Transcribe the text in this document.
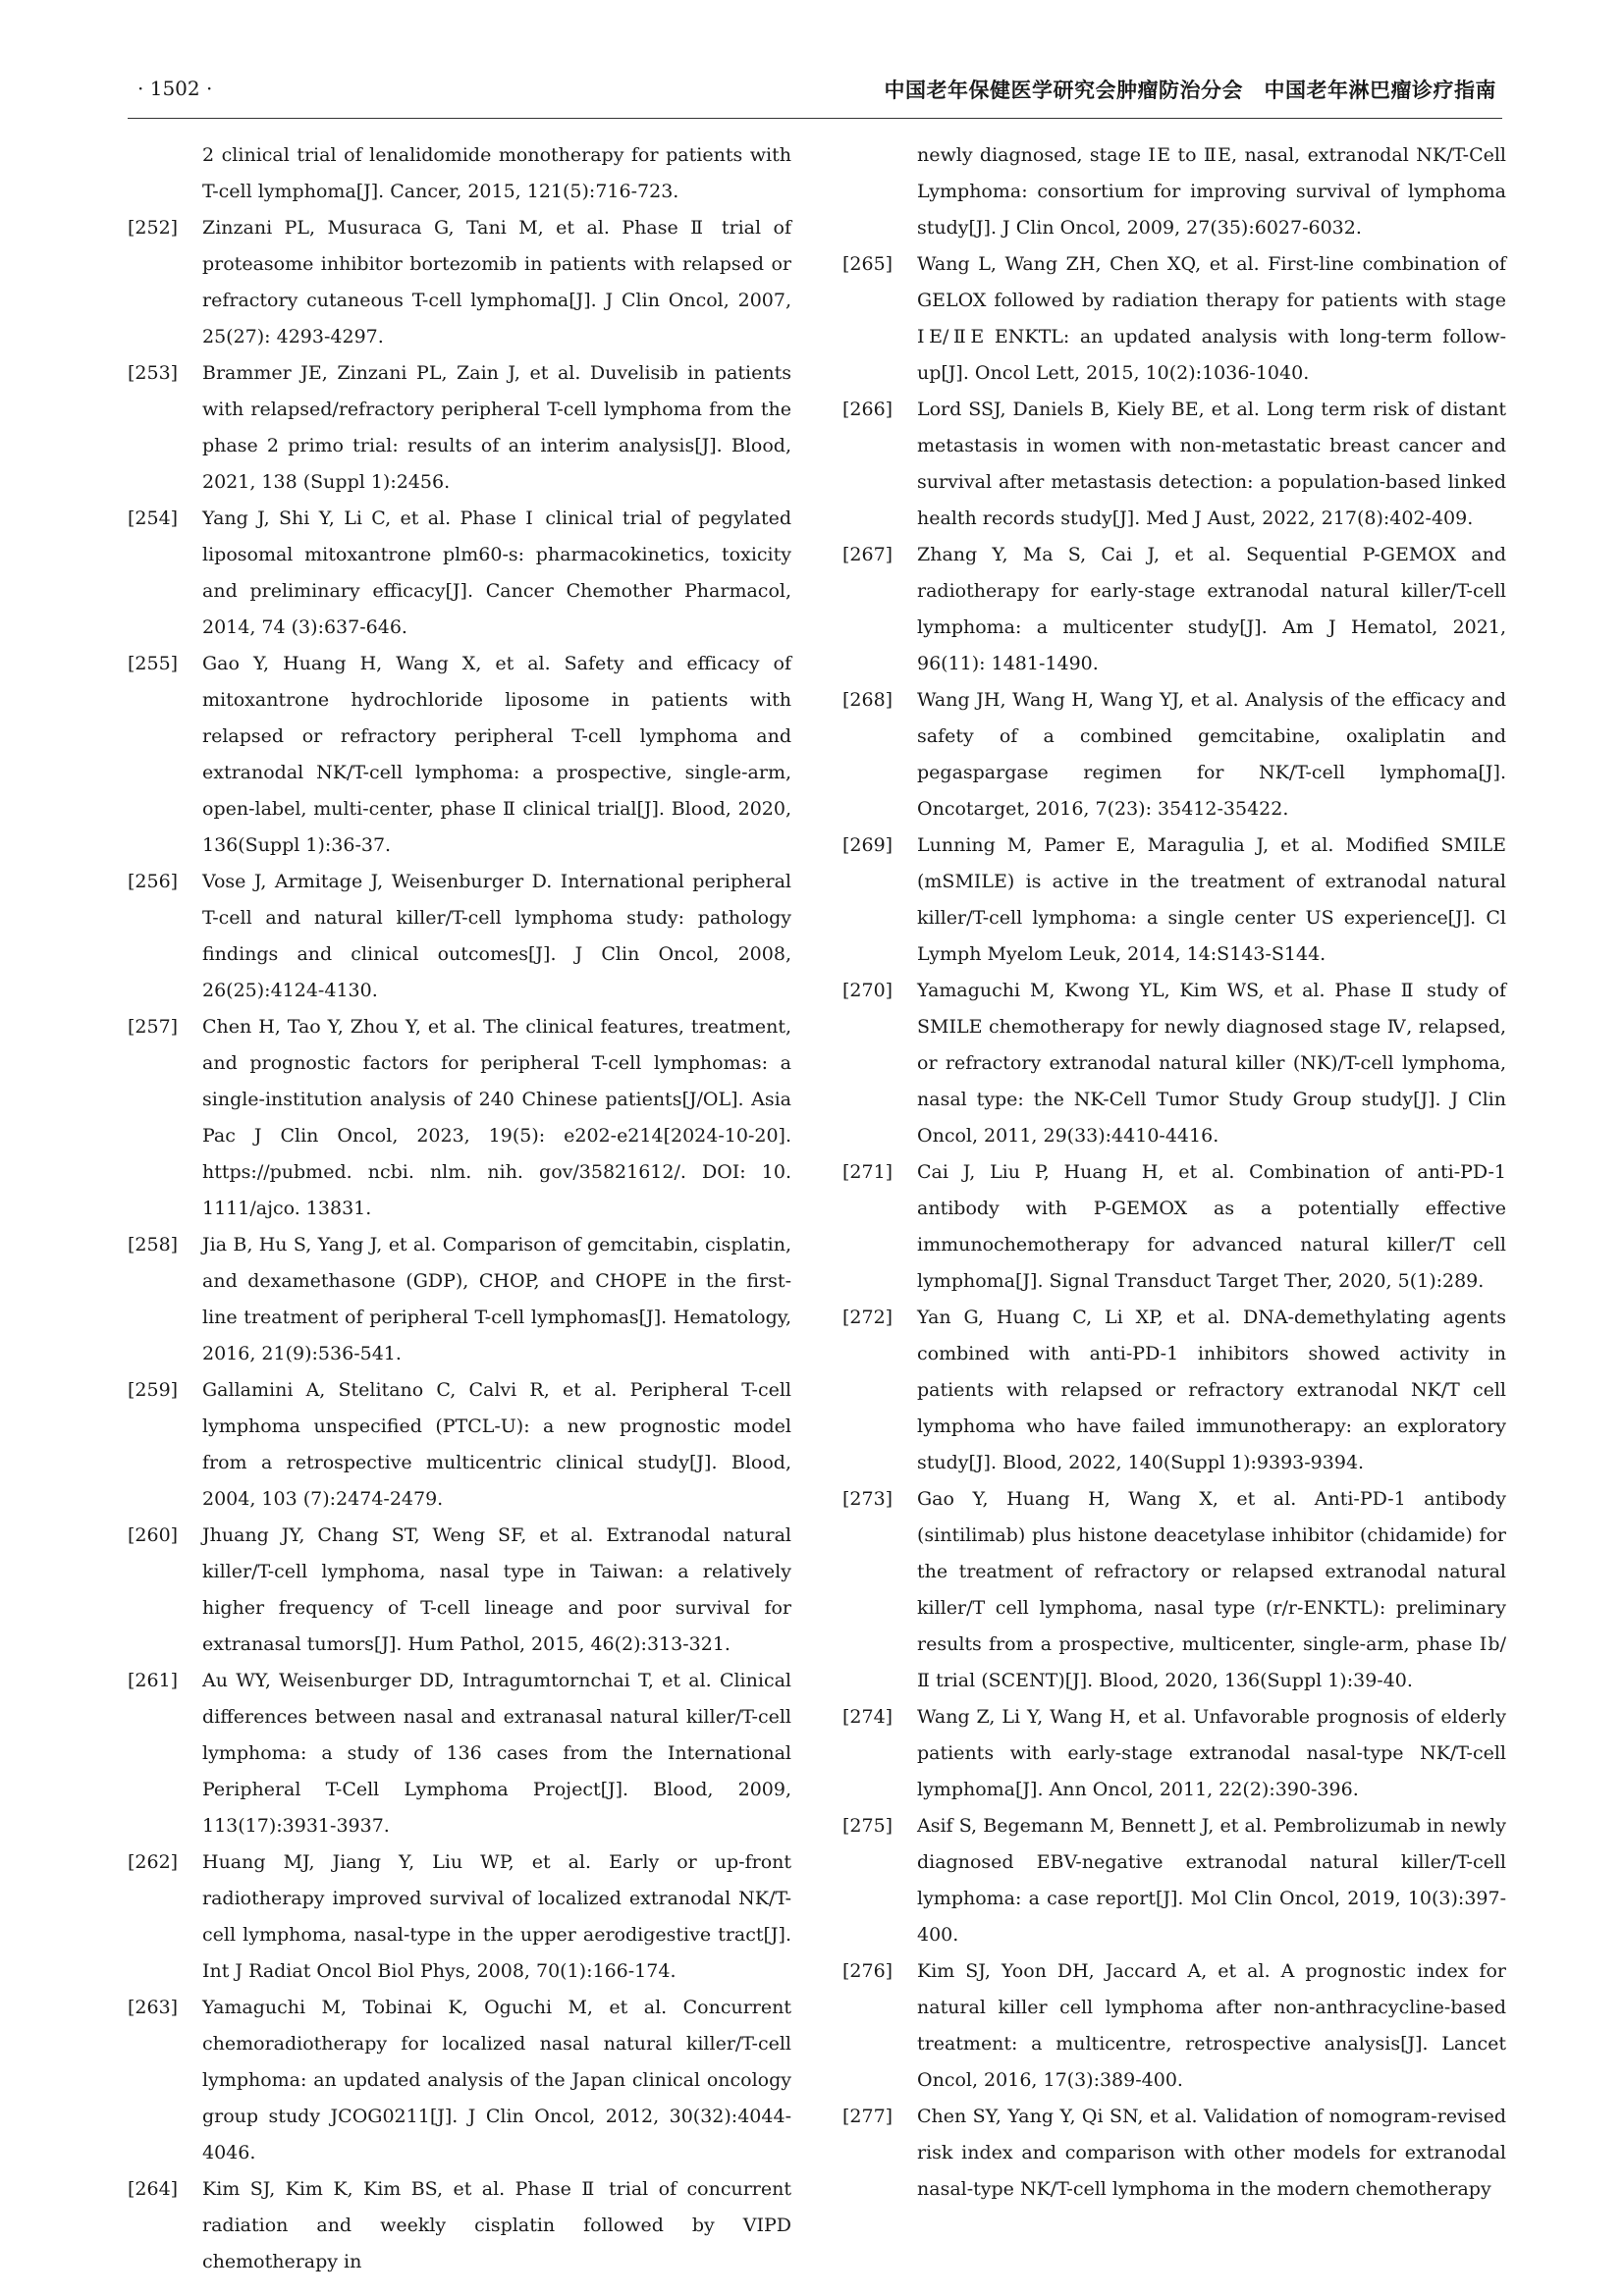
· 1502 ·	中国老年保健医学研究会肿瘤防治分会　中国老年淋巴瘤诊疗指南
2 clinical trial of lenalidomide monotherapy for patients with T-cell lymphoma[J]. Cancer, 2015, 121(5):716-723.
[252]	Zinzani PL, Musuraca G, Tani M, et al. Phase Ⅱ trial of proteasome inhibitor bortezomib in patients with relapsed or refractory cutaneous T-cell lymphoma[J]. J Clin Oncol, 2007, 25(27): 4293-4297.
[253]	Brammer JE, Zinzani PL, Zain J, et al. Duvelisib in patients with relapsed/refractory peripheral T-cell lymphoma from the phase 2 primo trial: results of an interim analysis[J]. Blood, 2021, 138 (Suppl 1):2456.
[254]	Yang J, Shi Y, Li C, et al. Phase Ⅰ clinical trial of pegylated liposomal mitoxantrone plm60-s: pharmacokinetics, toxicity and preliminary efficacy[J]. Cancer Chemother Pharmacol, 2014, 74 (3):637-646.
[255]	Gao Y, Huang H, Wang X, et al. Safety and efficacy of mitoxantrone hydrochloride liposome in patients with relapsed or refractory peripheral T-cell lymphoma and extranodal NK/T-cell lymphoma: a prospective, single-arm, open-label, multi-center, phase Ⅱ clinical trial[J]. Blood, 2020, 136(Suppl 1):36-37.
[256]	Vose J, Armitage J, Weisenburger D. International peripheral T-cell and natural killer/T-cell lymphoma study: pathology findings and clinical outcomes[J]. J Clin Oncol, 2008, 26(25):4124-4130.
[257]	Chen H, Tao Y, Zhou Y, et al. The clinical features, treatment, and prognostic factors for peripheral T-cell lymphomas: a single-institution analysis of 240 Chinese patients[J/OL]. Asia Pac J Clin Oncol, 2023, 19(5): e202-e214[2024-10-20]. https://pubmed. ncbi. nlm. nih. gov/35821612/. DOI: 10. 1111/ajco. 13831.
[258]	Jia B, Hu S, Yang J, et al. Comparison of gemcitabin, cisplatin, and dexamethasone (GDP), CHOP, and CHOPE in the first-line treatment of peripheral T-cell lymphomas[J]. Hematology, 2016, 21(9):536-541.
[259]	Gallamini A, Stelitano C, Calvi R, et al. Peripheral T-cell lymphoma unspecified (PTCL-U): a new prognostic model from a retrospective multicentric clinical study[J]. Blood, 2004, 103 (7):2474-2479.
[260]	Jhuang JY, Chang ST, Weng SF, et al. Extranodal natural killer/T-cell lymphoma, nasal type in Taiwan: a relatively higher frequency of T-cell lineage and poor survival for extranasal tumors[J]. Hum Pathol, 2015, 46(2):313-321.
[261]	Au WY, Weisenburger DD, Intragumtornchai T, et al. Clinical differences between nasal and extranasal natural killer/T-cell lymphoma: a study of 136 cases from the International Peripheral T-Cell Lymphoma Project[J]. Blood, 2009, 113(17):3931-3937.
[262]	Huang MJ, Jiang Y, Liu WP, et al. Early or up-front radiotherapy improved survival of localized extranodal NK/T-cell lymphoma, nasal-type in the upper aerodigestive tract[J]. Int J Radiat Oncol Biol Phys, 2008, 70(1):166-174.
[263]	Yamaguchi M, Tobinai K, Oguchi M, et al. Concurrent chemoradiotherapy for localized nasal natural killer/T-cell lymphoma: an updated analysis of the Japan clinical oncology group study JCOG0211[J]. J Clin Oncol, 2012, 30(32):4044-4046.
[264]	Kim SJ, Kim K, Kim BS, et al. Phase Ⅱ trial of concurrent radiation and weekly cisplatin followed by VIPD chemotherapy in
newly diagnosed, stage ⅠE to ⅡE, nasal, extranodal NK/T-Cell Lymphoma: consortium for improving survival of lymphoma study[J]. J Clin Oncol, 2009, 27(35):6027-6032.
[265]	Wang L, Wang ZH, Chen XQ, et al. First-line combination of GELOX followed by radiation therapy for patients with stage ⅠE/ⅡE ENKTL: an updated analysis with long-term follow-up[J]. Oncol Lett, 2015, 10(2):1036-1040.
[266]	Lord SSJ, Daniels B, Kiely BE, et al. Long term risk of distant metastasis in women with non-metastatic breast cancer and survival after metastasis detection: a population-based linked health records study[J]. Med J Aust, 2022, 217(8):402-409.
[267]	Zhang Y, Ma S, Cai J, et al. Sequential P-GEMOX and radiotherapy for early-stage extranodal natural killer/T-cell lymphoma: a multicenter study[J]. Am J Hematol, 2021, 96(11): 1481-1490.
[268]	Wang JH, Wang H, Wang YJ, et al. Analysis of the efficacy and safety of a combined gemcitabine, oxaliplatin and pegaspargase regimen for NK/T-cell lymphoma[J]. Oncotarget, 2016, 7(23): 35412-35422.
[269]	Lunning M, Pamer E, Maragulia J, et al. Modified SMILE (mSMILE) is active in the treatment of extranodal natural killer/T-cell lymphoma: a single center US experience[J]. Cl Lymph Myelom Leuk, 2014, 14:S143-S144.
[270]	Yamaguchi M, Kwong YL, Kim WS, et al. Phase Ⅱ study of SMILE chemotherapy for newly diagnosed stage Ⅳ, relapsed, or refractory extranodal natural killer (NK)/T-cell lymphoma, nasal type: the NK-Cell Tumor Study Group study[J]. J Clin Oncol, 2011, 29(33):4410-4416.
[271]	Cai J, Liu P, Huang H, et al. Combination of anti-PD-1 antibody with P-GEMOX as a potentially effective immunochemotherapy for advanced natural killer/T cell lymphoma[J]. Signal Transduct Target Ther, 2020, 5(1):289.
[272]	Yan G, Huang C, Li XP, et al. DNA-demethylating agents combined with anti-PD-1 inhibitors showed activity in patients with relapsed or refractory extranodal NK/T cell lymphoma who have failed immunotherapy: an exploratory study[J]. Blood, 2022, 140(Suppl 1):9393-9394.
[273]	Gao Y, Huang H, Wang X, et al. Anti-PD-1 antibody (sintilimab) plus histone deacetylase inhibitor (chidamide) for the treatment of refractory or relapsed extranodal natural killer/T cell lymphoma, nasal type (r/r-ENKTL): preliminary results from a prospective, multicenter, single-arm, phase Ⅰb/Ⅱ trial (SCENT)[J]. Blood, 2020, 136(Suppl 1):39-40.
[274]	Wang Z, Li Y, Wang H, et al. Unfavorable prognosis of elderly patients with early-stage extranodal nasal-type NK/T-cell lymphoma[J]. Ann Oncol, 2011, 22(2):390-396.
[275]	Asif S, Begemann M, Bennett J, et al. Pembrolizumab in newly diagnosed EBV-negative extranodal natural killer/T-cell lymphoma: a case report[J]. Mol Clin Oncol, 2019, 10(3):397-400.
[276]	Kim SJ, Yoon DH, Jaccard A, et al. A prognostic index for natural killer cell lymphoma after non-anthracycline-based treatment: a multicentre, retrospective analysis[J]. Lancet Oncol, 2016, 17(3):389-400.
[277]	Chen SY, Yang Y, Qi SN, et al. Validation of nomogram-revised risk index and comparison with other models for extranodal nasal-type NK/T-cell lymphoma in the modern chemotherapy
